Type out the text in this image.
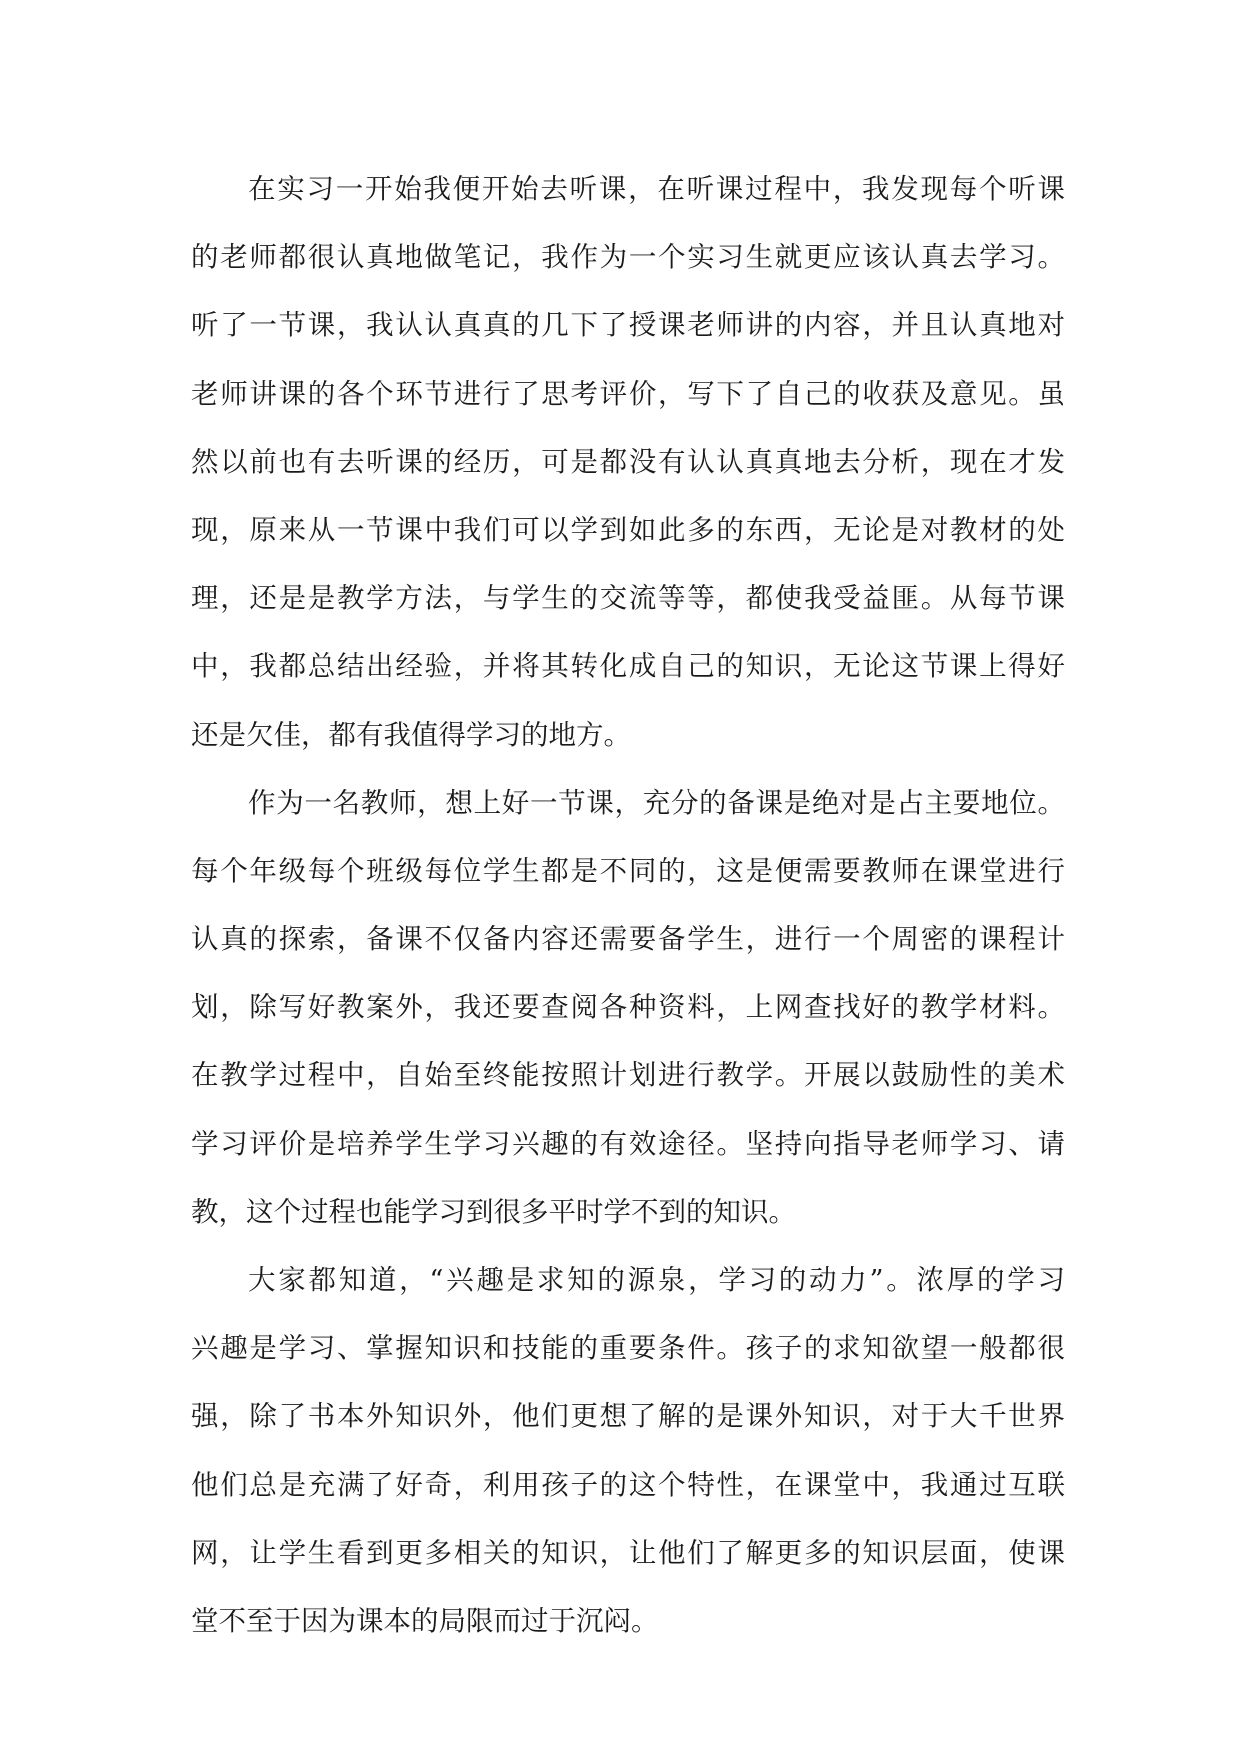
在实习一开始我便开始去听课，在听课过程中，我发现每个听课
的老师都很认真地做笔记，我作为一个实习生就更应该认真去学习。
听了一节课，我认认真真的几下了授课老师讲的内容，并且认真地对
老师讲课的各个环节进行了思考评价，写下了自己的收获及意见。虽
然以前也有去听课的经历，可是都没有认认真真地去分析，现在才发
现，原来从一节课中我们可以学到如此多的东西，无论是对教材的处
理，还是是教学方法，与学生的交流等等，都使我受益匪。从每节课
中，我都总结出经验，并将其转化成自己的知识，无论这节课上得好
还是欠佳，都有我值得学习的地方。
作为一名教师，想上好一节课，充分的备课是绝对是占主要地位。
每个年级每个班级每位学生都是不同的，这是便需要教师在课堂进行
认真的探索，备课不仅备内容还需要备学生，进行一个周密的课程计
划，除写好教案外，我还要查阅各种资料，上网查找好的教学材料。
在教学过程中，自始至终能按照计划进行教学。开展以鼓励性的美术
学习评价是培养学生学习兴趣的有效途径。坚持向指导老师学习、请
教，这个过程也能学习到很多平时学不到的知识。
大家都知道，“兴趣是求知的源泉，学习的动力”。浓厚的学习
兴趣是学习、掌握知识和技能的重要条件。孩子的求知欲望一般都很
强，除了书本外知识外，他们更想了解的是课外知识，对于大千世界
他们总是充满了好奇，利用孩子的这个特性，在课堂中，我通过互联
网，让学生看到更多相关的知识，让他们了解更多的知识层面，使课
堂不至于因为课本的局限而过于沉闷。
